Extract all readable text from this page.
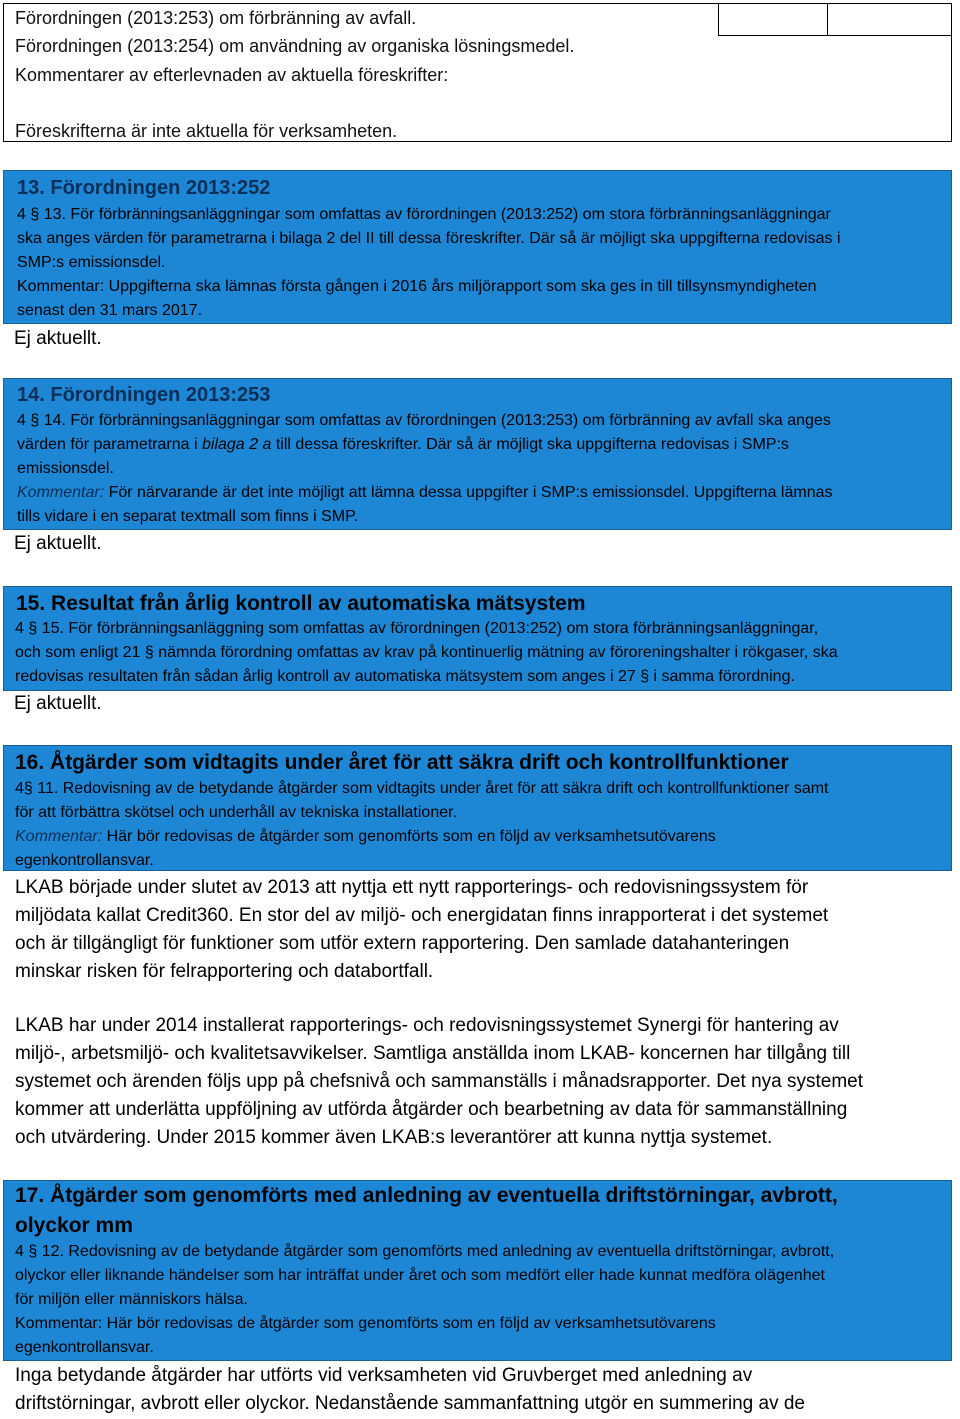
Förordningen (2013:253) om förbränning av avfall.
Förordningen (2013:254) om användning av organiska lösningsmedel.
Kommentarer av efterlevnaden av aktuella föreskrifter:
Föreskrifterna är inte aktuella för verksamheten.
13. Förordningen 2013:252
4 § 13. För förbränningsanläggningar som omfattas av förordningen (2013:252) om stora förbränningsanläggningar
ska anges värden för parametrarna i bilaga 2 del II till dessa föreskrifter. Där så är möjligt ska uppgifterna redovisas i
SMP:s emissionsdel.
Kommentar: Uppgifterna ska lämnas första gången i 2016 års miljörapport som ska ges in till tillsynsmyndigheten
senast den 31 mars 2017.
Ej aktuellt.
14. Förordningen 2013:253
4 § 14. För förbränningsanläggningar som omfattas av förordningen (2013:253) om förbränning av avfall ska anges
värden för parametrarna i bilaga 2 a till dessa föreskrifter. Där så är möjligt ska uppgifterna redovisas i SMP:s
emissionsdel.
Kommentar: För närvarande är det inte möjligt att lämna dessa uppgifter i SMP:s emissionsdel. Uppgifterna lämnas
tills vidare i en separat textmall som finns i SMP.
Ej aktuellt.
15. Resultat från årlig kontroll av automatiska mätsystem
4 § 15. För förbränningsanläggning som omfattas av förordningen (2013:252) om stora förbränningsanläggningar,
och som enligt 21 § nämnda förordning omfattas av krav på kontinuerlig mätning av föroreningshalter i rökgaser, ska
redovisas resultaten från sådan årlig kontroll av automatiska mätsystem som anges i 27 § i samma förordning.
Ej aktuellt.
16. Åtgärder som vidtagits under året för att säkra drift och kontrollfunktioner
4§ 11. Redovisning av de betydande åtgärder som vidtagits under året för att säkra drift och kontrollfunktioner samt
för att förbättra skötsel och underhåll av tekniska installationer.
Kommentar: Här bör redovisas de åtgärder som genomförts som en följd av verksamhetsutövarens
egenkontrollansvar.
LKAB började under slutet av 2013 att nyttja ett nytt rapporterings- och redovisningssystem för
miljödata kallat Credit360. En stor del av miljö- och energidatan finns inrapporterat i det systemet
och är tillgängligt för funktioner som utför extern rapportering. Den samlade datahanteringen
minskar risken för felrapportering och databortfall.
LKAB har under 2014 installerat rapporterings- och redovisningssystemet Synergi för hantering av
miljö-, arbetsmiljö- och kvalitetsavvikelser. Samtliga anställda inom LKAB- koncernen har tillgång till
systemet och ärenden följs upp på chefsnivå och sammanställs i månadsrapporter. Det nya systemet
kommer att underlätta uppföljning av utförda åtgärder och bearbetning av data för sammanställning
och utvärdering. Under 2015 kommer även LKAB:s leverantörer att kunna nyttja systemet.
17. Åtgärder som genomförts med anledning av eventuella driftstörningar, avbrott,
olyckor mm
4 § 12. Redovisning av de betydande åtgärder som genomförts med anledning av eventuella driftstörningar, avbrott,
olyckor eller liknande händelser som har inträffat under året och som medfört eller hade kunnat medföra olägenhet
för miljön eller människors hälsa.
Kommentar: Här bör redovisas de åtgärder som genomförts som en följd av verksamhetsutövarens
egenkontrollansvar.
Inga betydande åtgärder har utförts vid verksamheten vid Gruvberget med anledning av
driftstörningar, avbrott eller olyckor. Nedanstående sammanfattning utgör en summering av de
